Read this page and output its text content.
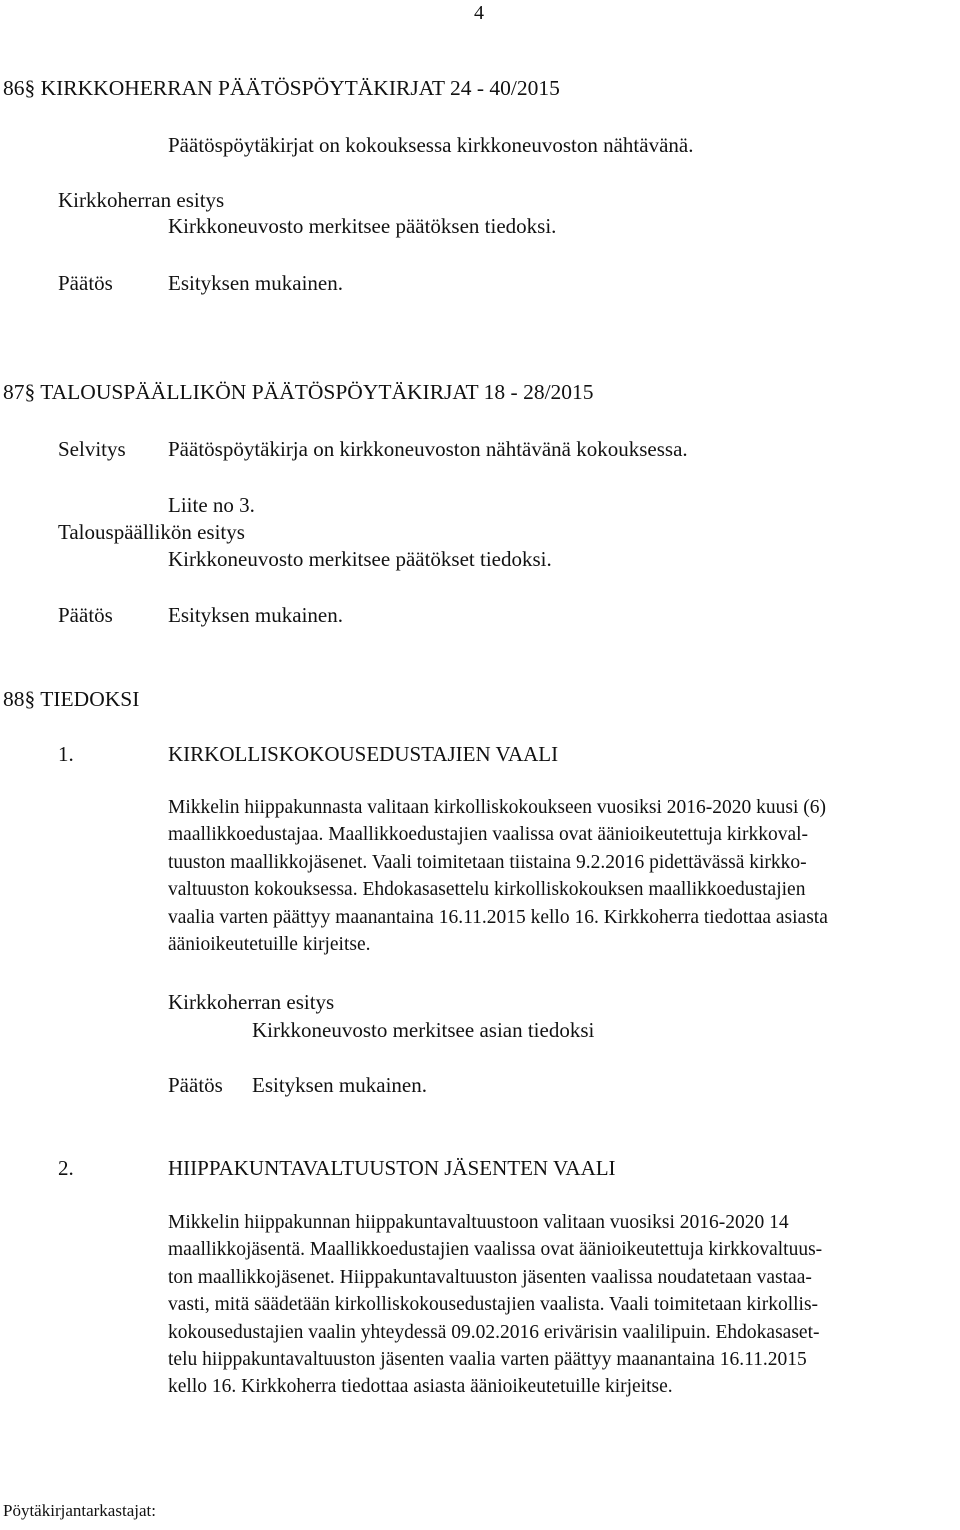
4
86§ KIRKKOHERRAN PÄÄTÖSPÖYTÄKIRJAT 24 - 40/2015
Päätöspöytäkirjat on kokouksessa kirkkoneuvoston nähtävänä.
Kirkkoherran esitys
Kirkkoneuvosto merkitsee päätöksen tiedoksi.
Päätös	Esityksen mukainen.
87§ TALOUSPÄÄLLIKÖN PÄÄTÖSPÖYTÄKIRJAT 18 - 28/2015
Selvitys Päätöspöytäkirja on kirkkoneuvoston nähtävänä kokouksessa.
Liite no 3.
Talouspäällikön esitys
Kirkkoneuvosto merkitsee päätökset tiedoksi.
Päätös	Esityksen mukainen.
88§ TIEDOKSI
1.	KIRKOLLISKOKOUSEDUSTAJIEN VAALI
Mikkelin hiippakunnasta valitaan kirkolliskokoukseen vuosiksi 2016-2020 kuusi (6)
maallikkoedustajaa. Maallikkoedustajien vaalissa ovat äänioikeutettuja kirkkoval-
tuuston maallikkojäsenet. Vaali toimitetaan tiistaina 9.2.2016 pidettävässä kirkko-
valtuuston kokouksessa. Ehdokasasettelu kirkolliskokouksen maallikkoedustajien
vaalia varten päättyy maanantaina 16.11.2015 kello 16. Kirkkoherra tiedottaa asiasta
äänioikeutetuille kirjeitse.
Kirkkoherran esitys
Kirkkoneuvosto merkitsee asian tiedoksi
Päätös Esityksen mukainen.
2.	HIIPPAKUNTAVALTUUSTON JÄSENTEN VAALI
Mikkelin hiippakunnan hiippakuntavaltuustoon valitaan vuosiksi 2016-2020 14
maallikkojäsentä. Maallikkoedustajien vaalissa ovat äänioikeutettuja kirkkovaltuus-
ton maallikkojäsenet. Hiippakuntavaltuuston jäsenten vaalissa noudatetaan vastaa-
vasti, mitä säädetään kirkolliskokousedustajien vaalista. Vaali toimitetaan kirkollis-
kokousedustajien vaalin yhteydessä 09.02.2016 erivärisin vaalilipuin. Ehdokasaset-
telu hiippakuntavaltuuston jäsenten vaalia varten päättyy maanantaina 16.11.2015
kello 16. Kirkkoherra tiedottaa asiasta äänioikeutetuille kirjeitse.
Pöytäkirjantarkastajat:
